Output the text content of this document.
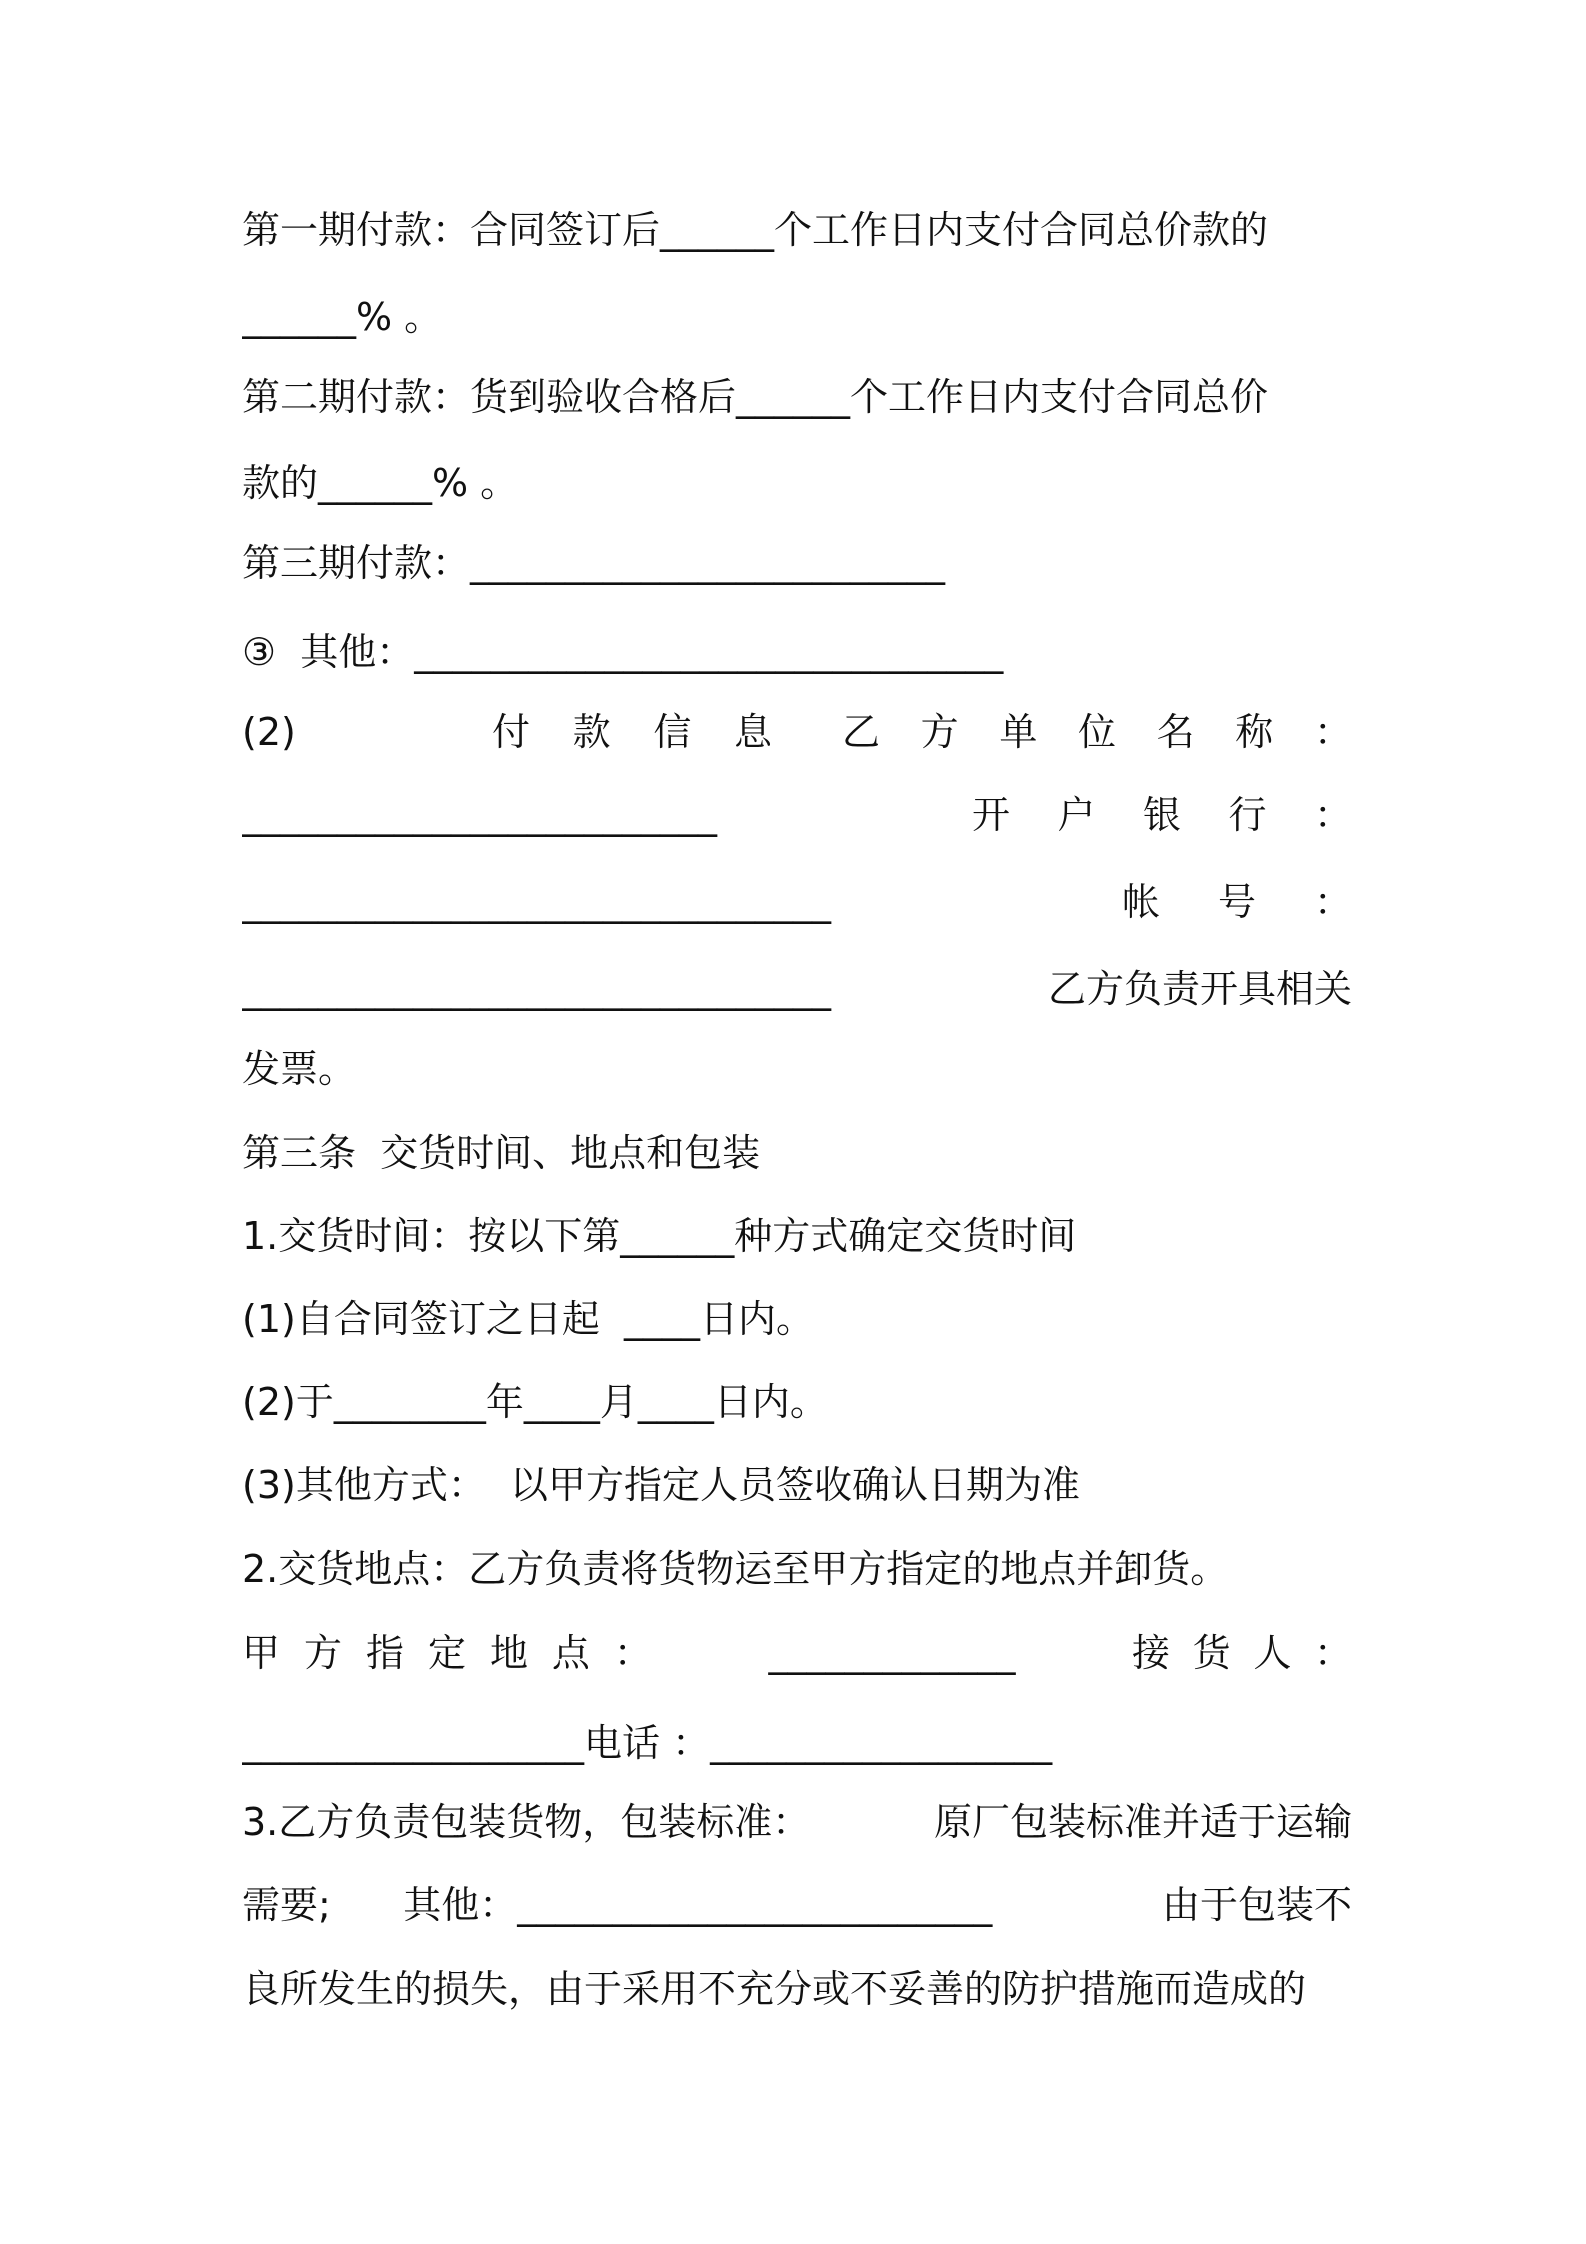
第一期付款：合同签订后______个工作日内支付合同总价款的
______% 。
第二期付款：货到验收合格后______个工作日内支付合同总价
款的______% 。
第三期付款：_________________________
③  其他：_______________________________
(2)	付 款 信 息 乙 方 单 位 名 称 ：
_________________________	开 户 银 行 ：
_______________________________	帐 号 ：
_______________________________	乙方负责开具相关
发票。
第三条  交货时间、地点和包装
1.交货时间：按以下第______种方式确定交货时间
(1)自合同签订之日起  ____日内。
(2)于________年____月____日内。
(3)其他方式：  以甲方指定人员签收确认日期为准
2.交货地点：乙方负责将货物运至甲方指定的地点并卸货。
甲 方 指 定 地 点 ：	_____________	接 货 人 ：
__________________电话 ：__________________
3.乙方负责包装货物，包装标准：	原厂包装标准并适于运输
需要;      其他：_________________________	由于包装不
良所发生的损失，由于采用不充分或不妥善的防护措施而造成的
